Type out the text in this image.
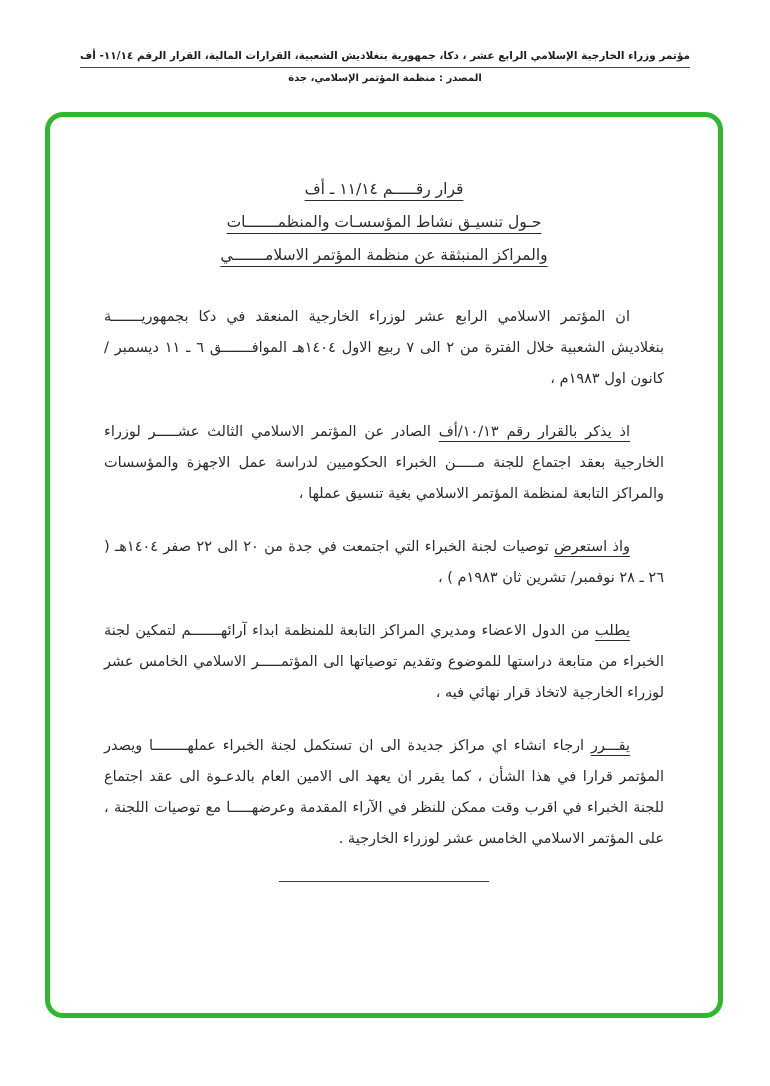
مؤتمر وزراء الخارجية الإسلامي الرابع عشر ، دكا، جمهورية بنغلاديش الشعبية، القرارات المالية، القرار الرقم ١١/١٤- أف
المصدر : منظمة المؤتمر الإسلامي، جدة
قرار رقـــــم ١١/١٤ ـ أف
حـول تنسيـق نشاط المؤسسـات والمنظمـــــــات
والمراكز المنبثقة عن منظمة المؤتمر الاسلامـــــــي

ان المؤتمر الاسلامي الرابع عشر لوزراء الخارجية المنعقد في دكا بجمهوريـــــــة بنغلاديش الشعبية خلال الفترة من ٢ الى ٧ ربيع الاول ١٤٠٤هـ الموافـــــــق ٦ ـ ١١ ديسمبر / كانون اول ١٩٨٣م ،

اذ يذكر بالقرار رقم ١٠/١٣/أف الصادر عن المؤتمر الاسلامي الثالث عشـــــر لوزراء الخارجية بعقد اجتماع للجنة مـــــن الخبراء الحكوميين لدراسة عمل الاجهزة والمؤسسات والمراكز التابعة لمنظمة المؤتمر الاسلامي بغية تنسيق عملها ،

واذ استعرض توصيات لجنة الخبراء التي اجتمعت في جدة من ٢٠ الى ٢٢ صفر ١٤٠٤هـ ( ٢٦ ـ ٢٨ نوفمبر/ تشرين ثان ١٩٨٣م ) ،

يطلب من الدول الاعضاء ومديري المراكز التابعة للمنظمة ابداء آرائهـــــــم لتمكين لجنة الخبراء من متابعة دراستها للموضوع وتقديم توصياتها الى المؤتمـــــر الاسلامي الخامس عشر لوزراء الخارجية لاتخاذ قرار نهائي فيه ،

يقـــرر ارجاء انشاء اي مراكز جديدة الى ان تستكمل لجنة الخبراء عملهــــــــا ويصدر المؤتمر قرارا في هذا الشأن ، كما يقرر ان يعهد الى الامين العام بالدعـوة الى عقد اجتماع للجنة الخبراء في اقرب وقت ممكن للنظر في الآراء المقدمة وعرضهـــــا مع توصيات اللجنة ، على المؤتمر الاسلامي الخامس عشر لوزراء الخارجية .
